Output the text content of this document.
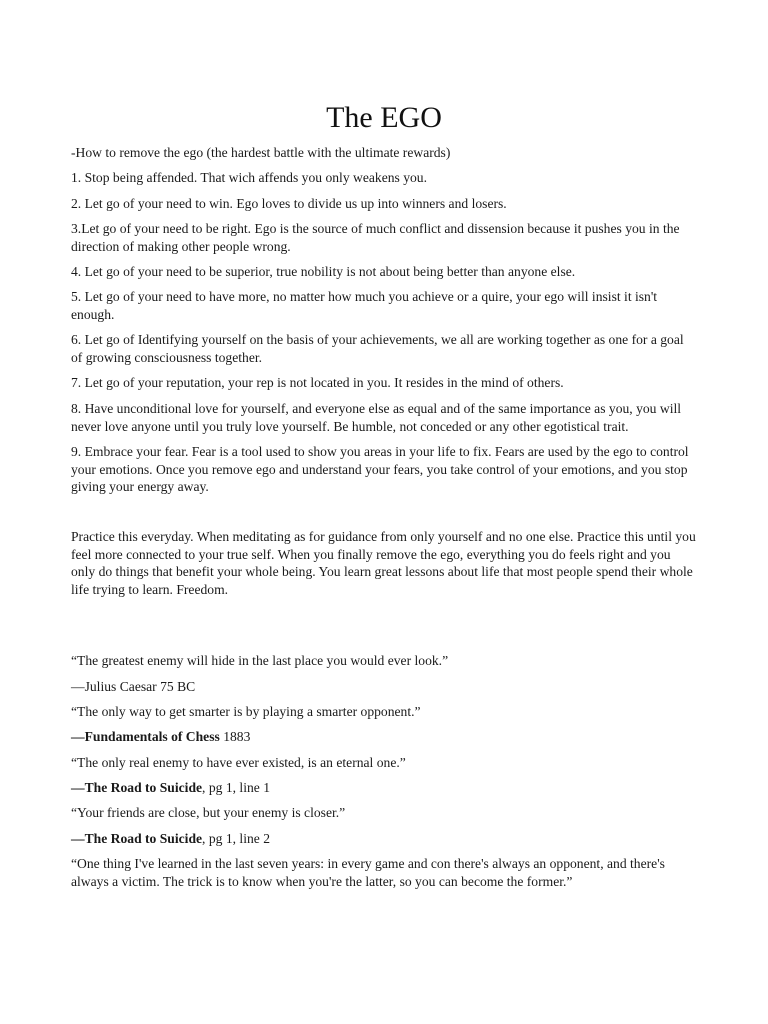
The EGO

-How to remove the ego (the hardest battle with the ultimate rewards)

1. Stop being affended. That wich affends you only weakens you.

2. Let go of your need to win. Ego loves to divide us up into winners and losers.

3.Let go of your need to be right. Ego is the source of much conflict and dissension because it pushes you in the direction of making other people wrong.

4. Let go of your need to be superior, true nobility is not about being better than anyone else.

5. Let go of your need to have more, no matter how much you achieve or a quire, your ego will insist it isn't enough.

6. Let go of Identifying yourself on the basis of your achievements, we all are working together as one for a goal of growing consciousness together.

7. Let go of your reputation, your rep is not located in you. It resides in the mind of others.

8. Have unconditional love for yourself, and everyone else as equal and of the same importance as you, you will never love anyone until you truly love yourself. Be humble, not conceded or any other egotistical trait.

9. Embrace your fear. Fear is a tool used to show you areas in your life to fix. Fears are used by the ego to control your emotions. Once you remove ego and understand your fears, you take control of your emotions, and you stop giving your energy away.

Practice this everyday. When meditating as for guidance from only yourself and no one else. Practice this until you feel more connected to your true self. When you finally remove the ego, everything you do feels right and you only do things that benefit your whole being. You learn great lessons about life that most people spend their whole life trying to learn. Freedom.

“The greatest enemy will hide in the last place you would ever look.”

—Julius Caesar 75 BC

“The only way to get smarter is by playing a smarter opponent.”

—Fundamentals of Chess 1883

“The only real enemy to have ever existed, is an eternal one.”

—The Road to Suicide, pg 1, line 1

“Your friends are close, but your enemy is closer.”

—The Road to Suicide, pg 1, line 2

“One thing I've learned in the last seven years: in every game and con there's always an opponent, and there's always a victim. The trick is to know when you're the latter, so you can become the former.”
